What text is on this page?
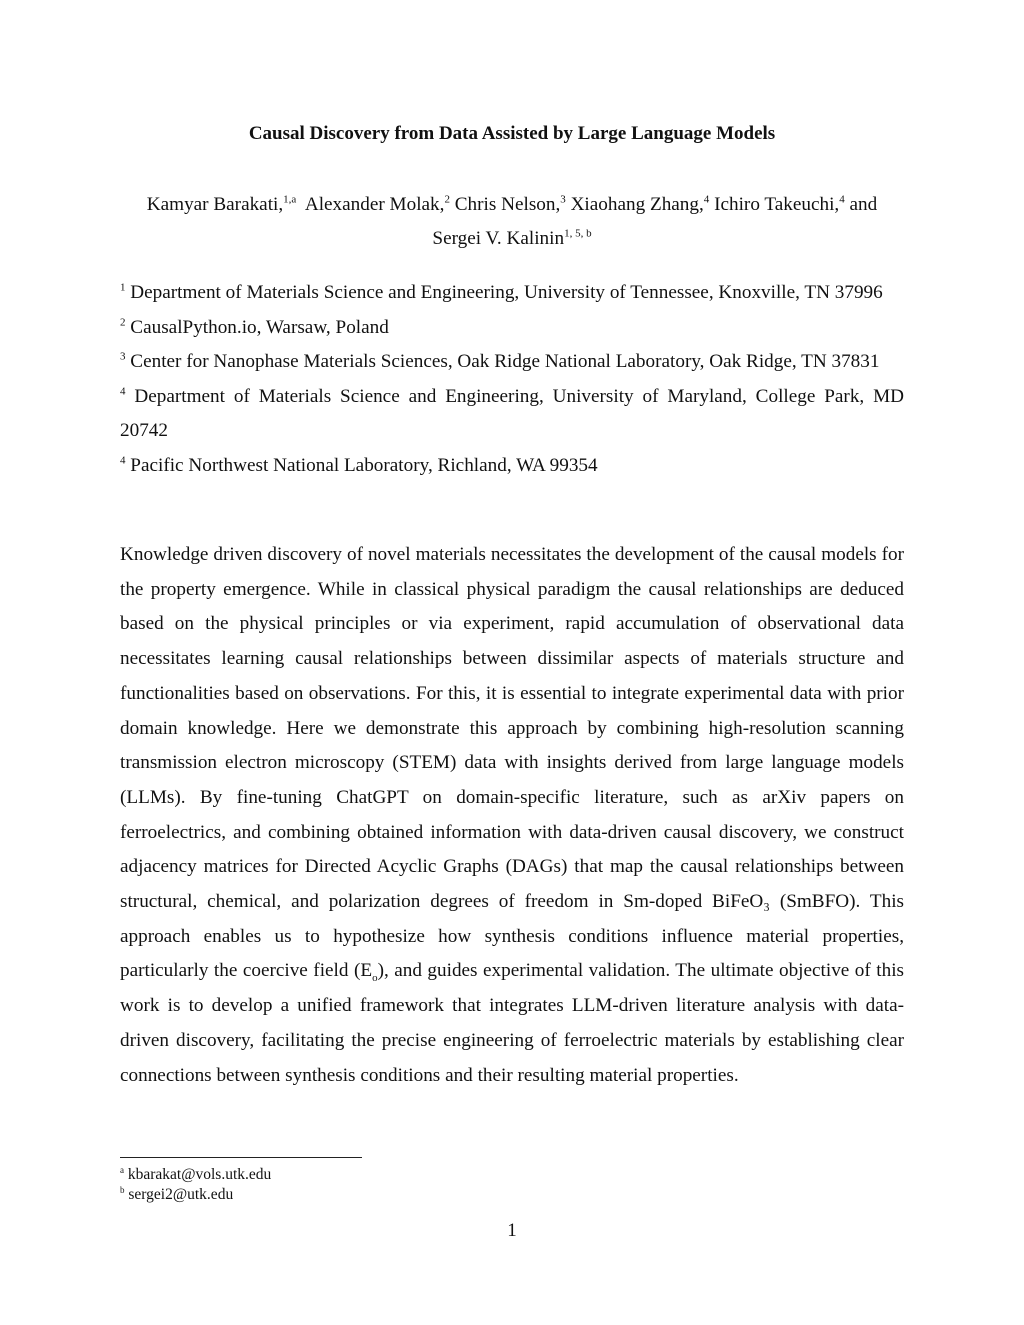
Causal Discovery from Data Assisted by Large Language Models
Kamyar Barakati,$^{1,a}$ Alexander Molak,$^2$ Chris Nelson,$^3$ Xiaohang Zhang,$^4$ Ichiro Takeuchi,$^4$ and Sergei V. Kalinin$^{1, 5, b}$

$^1$ Department of Materials Science and Engineering, University of Tennessee, Knoxville, TN 37996

$^2$ CausalPython.io, Warsaw, Poland

$^3$ Center for Nanophase Materials Sciences, Oak Ridge National Laboratory, Oak Ridge, TN 37831

$^4$ Department of Materials Science and Engineering, University of Maryland, College Park, MD 20742

$^4$ Pacific Northwest National Laboratory, Richland, WA 99354

Knowledge driven discovery of novel materials necessitates the development of the causal models for the property emergence. While in classical physical paradigm the causal relationships are deduced based on the physical principles or via experiment, rapid accumulation of observational data necessitates learning causal relationships between dissimilar aspects of materials structure and functionalities based on observations. For this, it is essential to integrate experimental data with prior domain knowledge. Here we demonstrate this approach by combining high-resolution scanning transmission electron microscopy (STEM) data with insights derived from large language models (LLMs). By fine-tuning ChatGPT on domain-specific literature, such as arXiv papers on ferroelectrics, and combining obtained information with data-driven causal discovery, we construct adjacency matrices for Directed Acyclic Graphs (DAGs) that map the causal relationships between structural, chemical, and polarization degrees of freedom in Sm-doped BiFeO₃ (SmBFO). This approach enables us to hypothesize how synthesis conditions influence material properties, particularly the coercive field $(E_o)$, and guides experimental validation. The ultimate objective of this work is to develop a unified framework that integrates LLM-driven literature analysis with data-driven discovery, facilitating the precise engineering of ferroelectric materials by establishing clear connections between synthesis conditions and their resulting material properties.

$^a$ kbarakat@vols.utk.edu

$^b$ sergei2@utk.edu

1
